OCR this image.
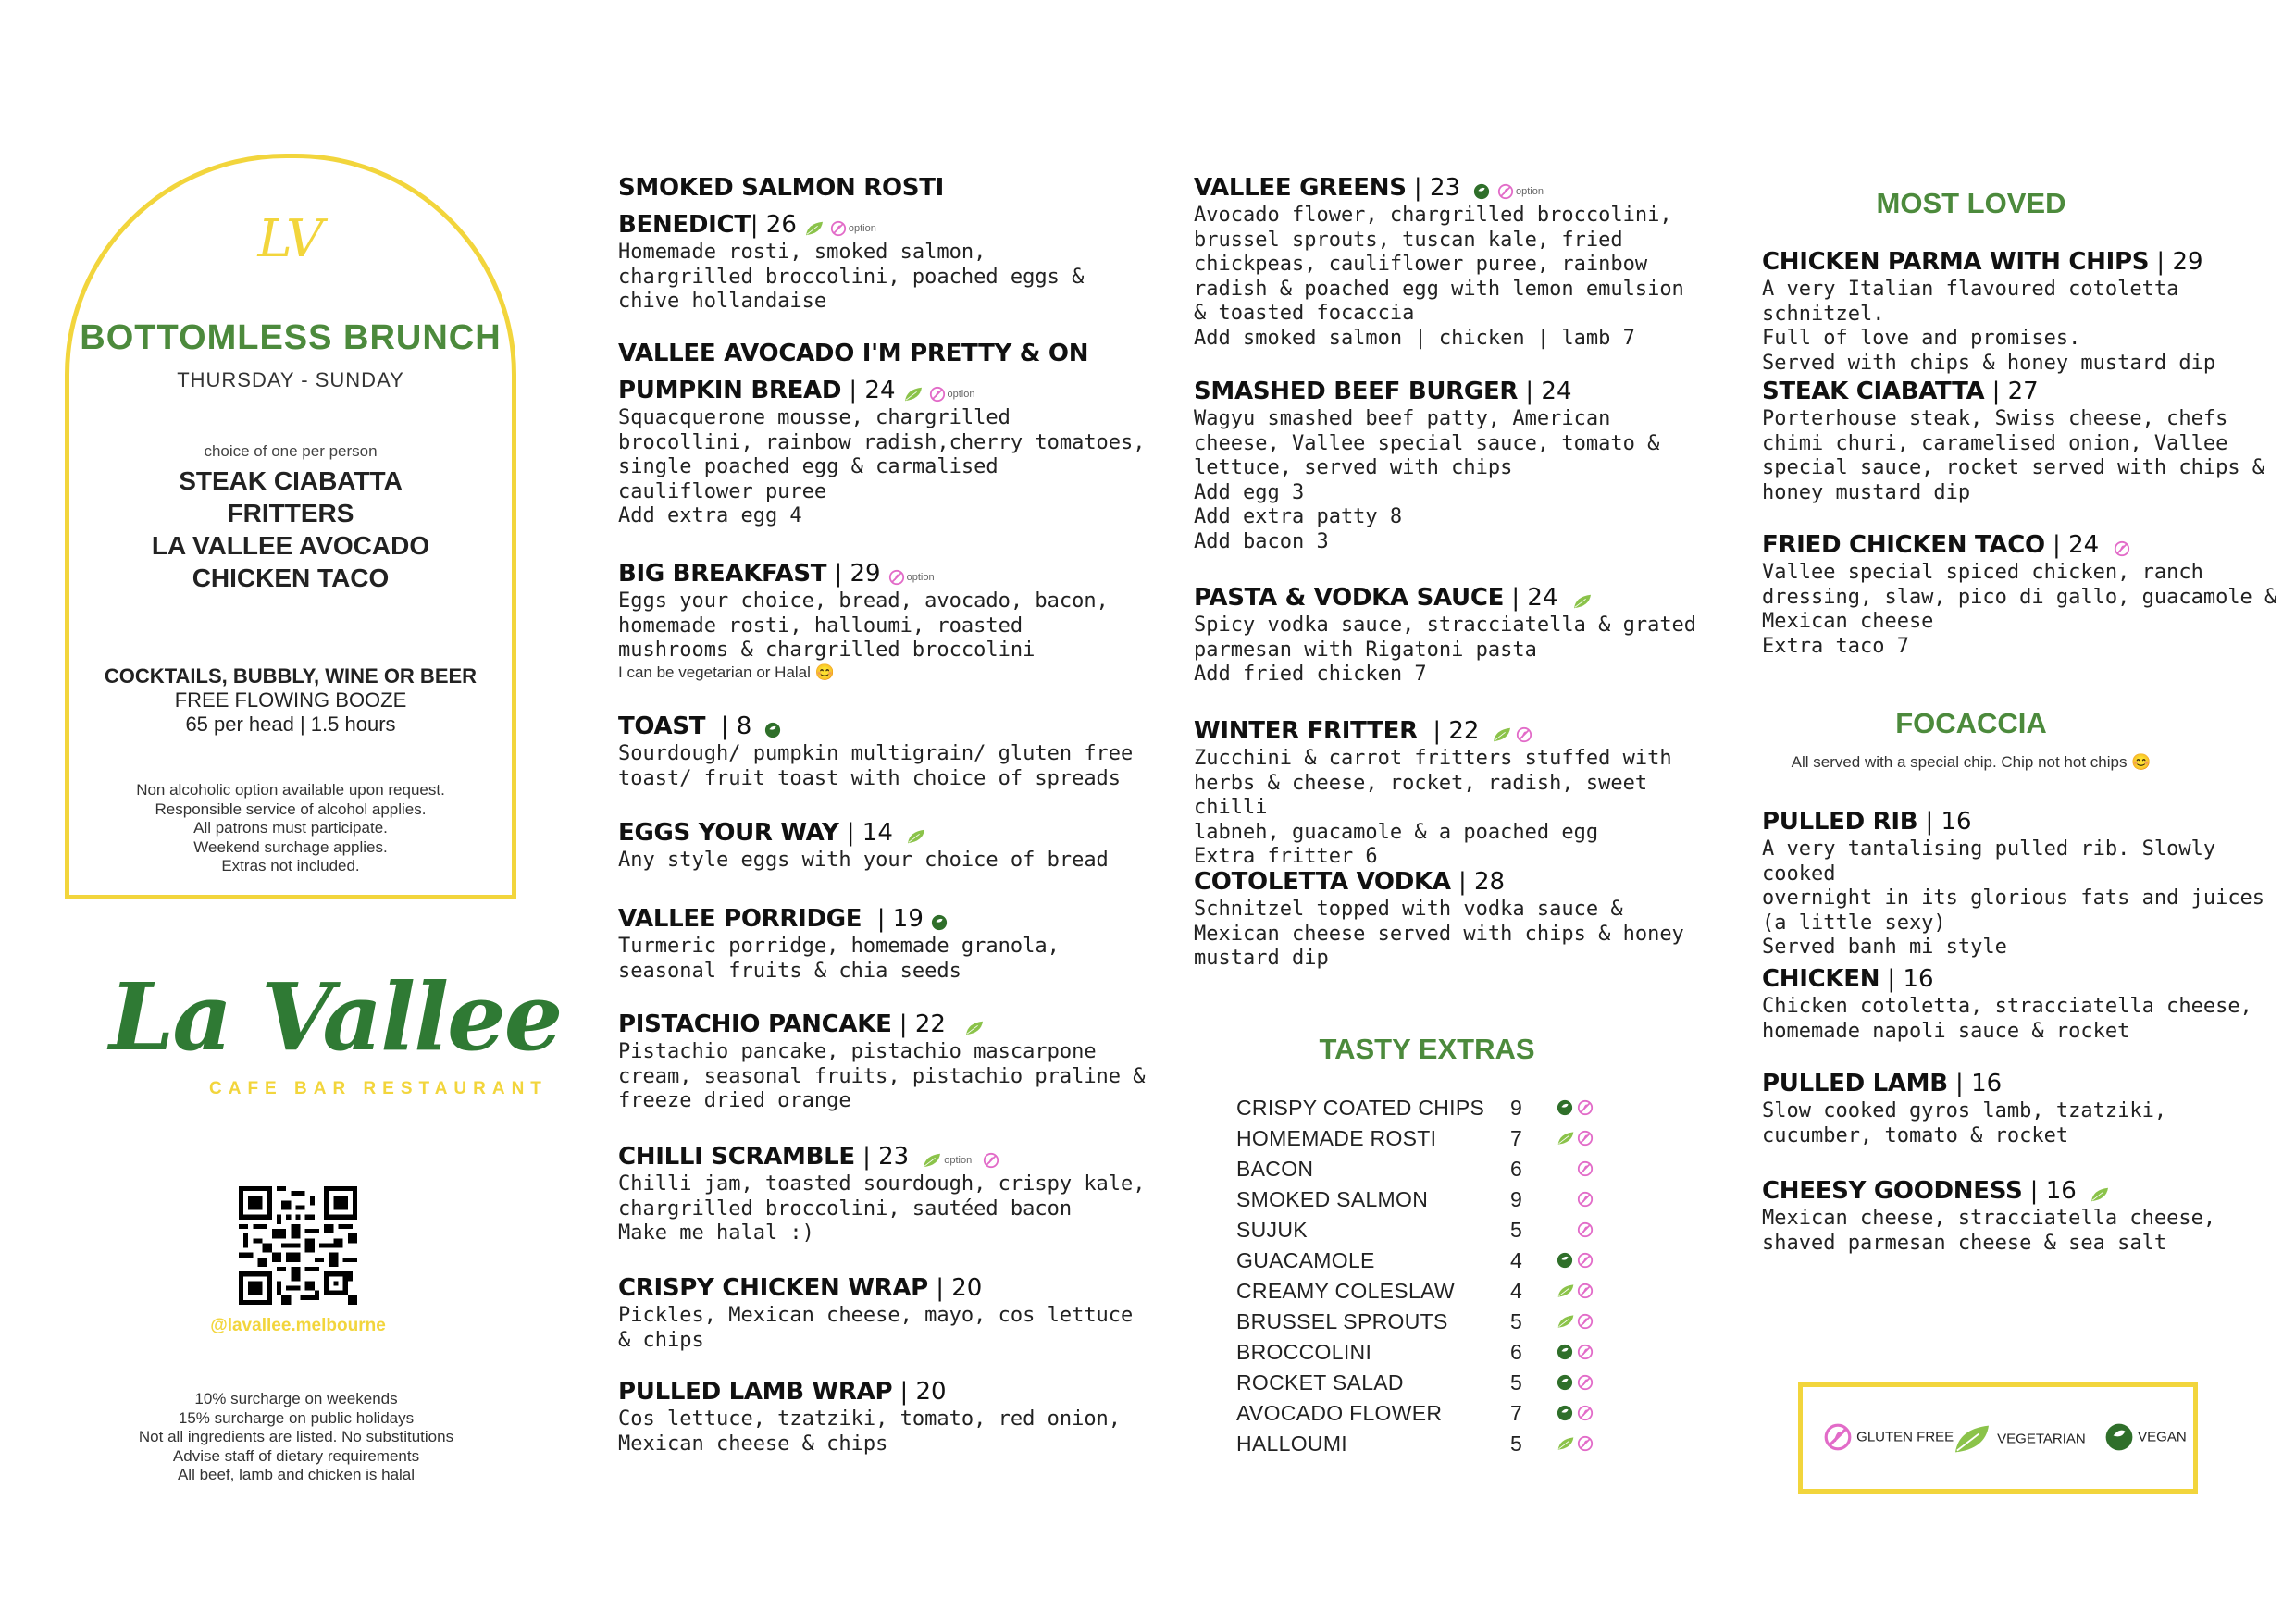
LV
BOTTOMLESS BRUNCH
THURSDAY - SUNDAY
choice of one per person
STEAK CIABATTA
FRITTERS
LA VALLEE AVOCADO
CHICKEN TACO
COCKTAILS, BUBBLY, WINE OR BEER
FREE FLOWING BOOZE
65 per head | 1.5 hours
Non alcoholic option available upon request.
Responsible service of alcohol applies.
All patrons must participate.
Weekend surchage applies.
Extras not included.
La Vallee
CAFE BAR RESTAURANT
@lavallee.melbourne
10% surcharge on weekends
15% surcharge on public holidays
Not all ingredients are listed. No substitutions
Advise staff of dietary requirements
All beef, lamb and chicken is halal
SMOKED SALMON ROSTI
BENEDICT| 26	option
Homemade rosti, smoked salmon,
chargrilled broccolini, poached eggs &
chive hollandaise
VALLEE AVOCADO I'M PRETTY & ON
PUMPKIN BREAD | 24	option
Squacquerone mousse, chargrilled
brocollini, rainbow radish,cherry tomatoes,
single poached egg & carmalised
cauliflower puree
Add extra egg 4
BIG BREAKFAST | 29	option
Eggs your choice, bread, avocado, bacon,
homemade rosti, halloumi, roasted
mushrooms & chargrilled broccolini
I can be vegetarian or Halal 😊
TOAST  | 8
Sourdough/ pumpkin multigrain/ gluten free
toast/ fruit toast with choice of spreads
EGGS YOUR WAY | 14
Any style eggs with your choice of bread
VALLEE PORRIDGE  | 19
Turmeric porridge, homemade granola,
seasonal fruits & chia seeds
PISTACHIO PANCAKE | 22
Pistachio pancake, pistachio mascarpone
cream, seasonal fruits, pistachio praline &
freeze dried orange
CHILLI SCRAMBLE | 23	option
Chilli jam, toasted sourdough, crispy kale,
chargrilled broccolini, sautéed bacon
Make me halal :)
CRISPY CHICKEN WRAP | 20
Pickles, Mexican cheese, mayo, cos lettuce
& chips
PULLED LAMB WRAP | 20
Cos lettuce, tzatziki, tomato, red onion,
Mexican cheese & chips
VALLEE GREENS | 23	option
Avocado flower, chargrilled broccolini,
brussel sprouts, tuscan kale, fried
chickpeas, cauliflower puree, rainbow
radish & poached egg with lemon emulsion
& toasted focaccia
Add smoked salmon | chicken | lamb 7
SMASHED BEEF BURGER | 24
Wagyu smashed beef patty, American
cheese, Vallee special sauce, tomato &
lettuce, served with chips
Add egg 3
Add extra patty 8
Add bacon 3
PASTA & VODKA SAUCE | 24
Spicy vodka sauce, stracciatella & grated
parmesan with Rigatoni pasta
Add fried chicken 7
WINTER FRITTER  | 22
Zucchini & carrot fritters stuffed with
herbs & cheese, rocket, radish, sweet chilli
labneh, guacamole & a poached egg
Extra fritter 6
COTOLETTA VODKA | 28
Schnitzel topped with vodka sauce &
Mexican cheese served with chips & honey
mustard dip
TASTY EXTRAS
CRISPY COATED CHIPS 9
HOMEMADE ROSTI	7
BACON	6
SMOKED SALMON	9
SUJUK	5
GUACAMOLE	4
CREAMY COLESLAW	4
BRUSSEL SPROUTS	5
BROCCOLINI	6
ROCKET SALAD	5
AVOCADO FLOWER	7
HALLOUMI	5
MOST LOVED
CHICKEN PARMA WITH CHIPS | 29
A very Italian flavoured cotoletta schnitzel.
Full of love and promises.
Served with chips & honey mustard dip
STEAK CIABATTA | 27
Porterhouse steak, Swiss cheese, chefs
chimi churi, caramelised onion, Vallee
special sauce, rocket served with chips &
honey mustard dip
FRIED CHICKEN TACO | 24
Vallee special spiced chicken, ranch
dressing, slaw, pico di gallo, guacamole &
Mexican cheese
Extra taco 7
FOCACCIA
All served with a special chip. Chip not hot chips 😊
PULLED RIB | 16
A very tantalising pulled rib. Slowly cooked
overnight in its glorious fats and juices
(a little sexy)
Served banh mi style
CHICKEN | 16
Chicken cotoletta, stracciatella cheese,
homemade napoli sauce & rocket
PULLED LAMB | 16
Slow cooked gyros lamb, tzatziki,
cucumber, tomato & rocket
CHEESY GOODNESS | 16
Mexican cheese, stracciatella cheese,
shaved parmesan cheese & sea salt
GLUTEN FREE	VEGETARIAN	VEGAN
